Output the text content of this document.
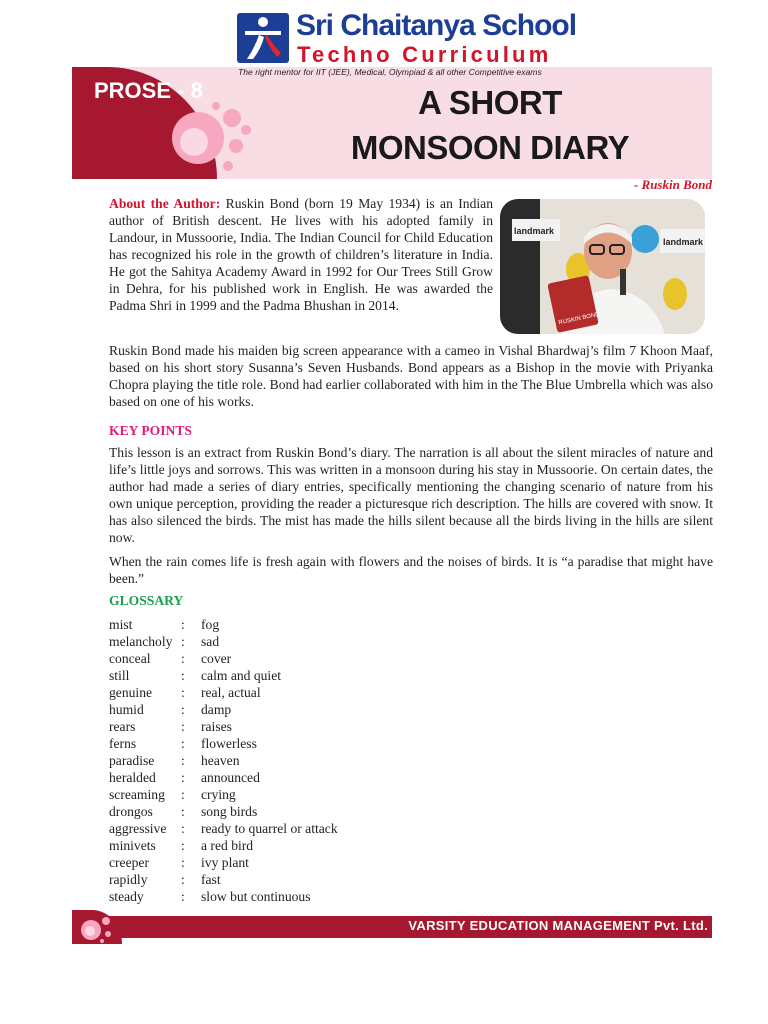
Sri Chaitanya School
Techno Curriculum
The right mentor for IIT (JEE), Medical, Olympiad & all other Competitive exams
PROSE - 8	A SHORT
MONSOON DIARY
- Ruskin Bond
About the Author: Ruskin Bond (born 19 May 1934) is an Indian author of British descent. He lives with his adopted family in Landour, in Mussoorie, India. The Indian Council for Child Education has recognized his role in the growth of children’s literature in India. He got the Sahitya Academy Award in 1992 for Our Trees Still Grow in Dehra, for his published work in English. He was awarded the Padma Shri in 1999 and the Padma Bhushan in 2014.
landmark
landmark
RUSKIN BOND
Ruskin Bond made his maiden big screen appearance with a cameo in Vishal Bhardwaj’s film 7 Khoon Maaf, based on his short story Susanna’s Seven Husbands. Bond appears as a Bishop in the movie with Priyanka Chopra playing the title role. Bond had earlier collaborated with him in the The Blue Umbrella which was also based on one of his works.
KEY POINTS
This lesson is an extract from Ruskin Bond’s diary. The narration is all about the silent miracles of nature and life’s little joys and sorrows. This was written in a monsoon during his stay in Mussoorie. On certain dates, the author had made a series of diary entries, specifically mentioning the changing scenario of nature from his own unique perception, providing the reader a picturesque rich description. The hills are covered with snow. It has also silenced the birds. The mist has made the hills silent because all the birds living in the hills are silent now.
When the rain comes life is fresh again with flowers and the noises of birds. It is “a paradise that might have been.”
GLOSSARY
mist	: fog
melancholy : sad
conceal : cover
still	: calm and quiet
genuine : real, actual
humid	: damp
rears	: raises
ferns	: flowerless
paradise : heaven
heralded : announced
screaming : crying
drongos : song birds
aggressive : ready to quarrel or attack
minivets : a red bird
creeper : ivy plant
rapidly : fast
steady	: slow but continuous
VARSITY EDUCATION MANAGEMENT Pvt. Ltd.
